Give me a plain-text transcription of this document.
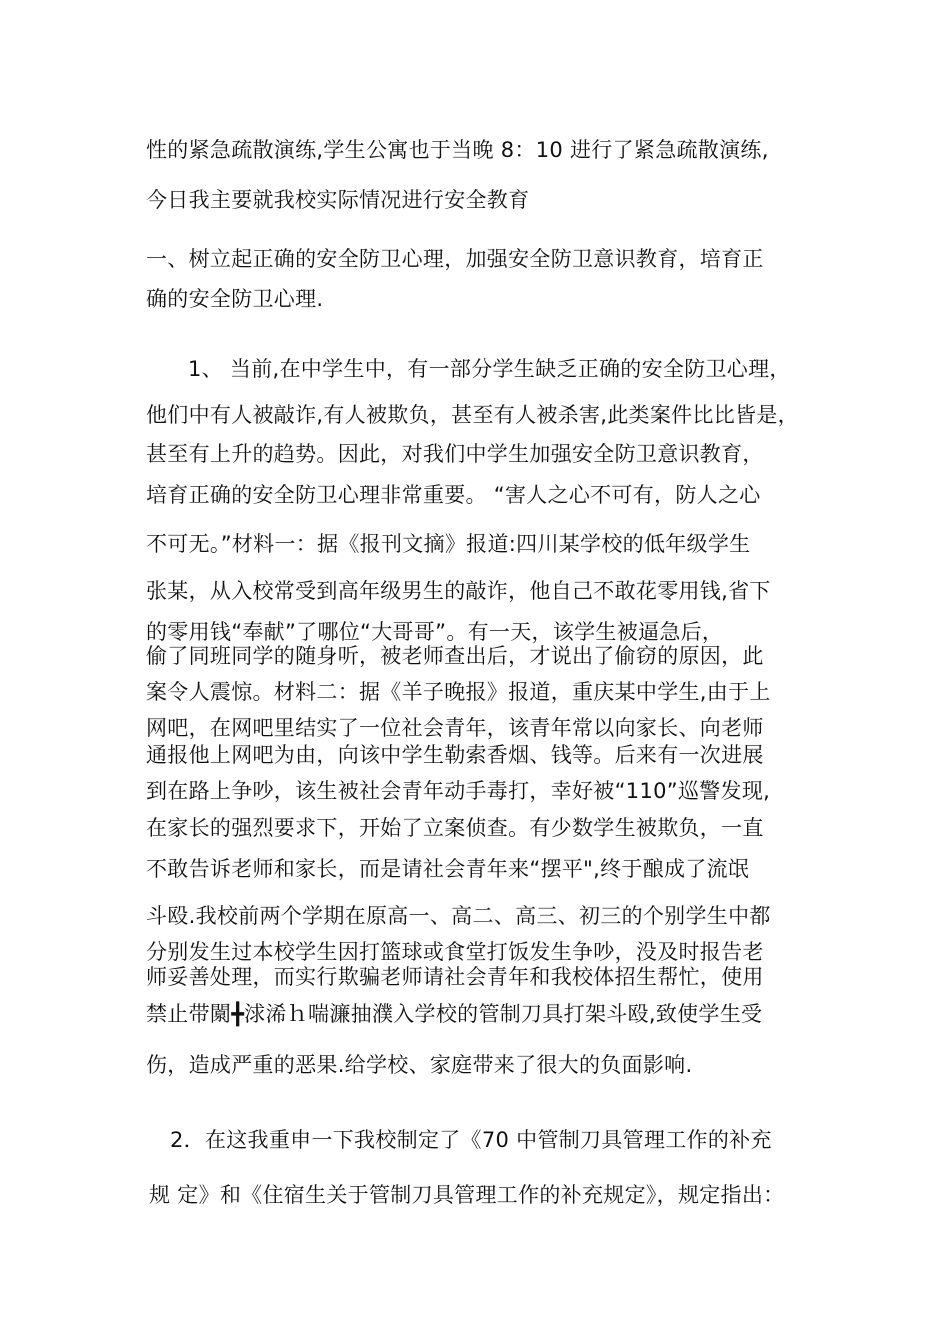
性的紧急疏散演练,学生公寓也于当晚 8：10 进行了紧急疏散演练,
今日我主要就我校实际情况进行安全教育
一、树立起正确的安全防卫心理，加强安全防卫意识教育，培育正
确的安全防卫心理.
1、 当前,在中学生中，有一部分学生缺乏正确的安全防卫心理，
他们中有人被敲诈,有人被欺负，甚至有人被杀害,此类案件比比皆是，
甚至有上升的趋势。因此，对我们中学生加强安全防卫意识教育，
培育正确的安全防卫心理非常重要。 “害人之心不可有，防人之心
不可无。”材料一：据《报刊文摘》报道:四川某学校的低年级学生
张某，从入校常受到高年级男生的敲诈，他自己不敢花零用钱,省下
的零用钱“奉献”了哪位“大哥哥”。有一天，该学生被逼急后，
偷了同班同学的随身听，被老师查出后，才说出了偷窃的原因，此
案令人震惊。材料二：据《羊子晚报》报道，重庆某中学生,由于上
网吧，在网吧里结实了一位社会青年，该青年常以向家长、向老师
通报他上网吧为由，向该中学生勒索香烟、钱等。后来有一次进展
到在路上争吵，该生被社会青年动手毒打，幸好被“110”巡警发现,
在家长的强烈要求下，开始了立案侦查。有少数学生被欺负，一直
不敢告诉老师和家长，而是请社会青年来“摆平",终于酿成了流氓
斗殴.我校前两个学期在原高一、高二、高三、初三的个别学生中都
分别发生过本校学生因打篮球或食堂打饭发生争吵，没及时报告老
师妥善处理，而实行欺骗老师请社会青年和我校体招生帮忙，使用
禁止带闎╋浗浠ｈ喘濂抽濮入学校的管制刀具打架斗殴,致使学生受
伤，造成严重的恶果.给学校、家庭带来了很大的负面影响.
2．在这我重申一下我校制定了《70 中管制刀具管理工作的补充
规 定》和《住宿生关于管制刀具管理工作的补充规定》，规定指出：
